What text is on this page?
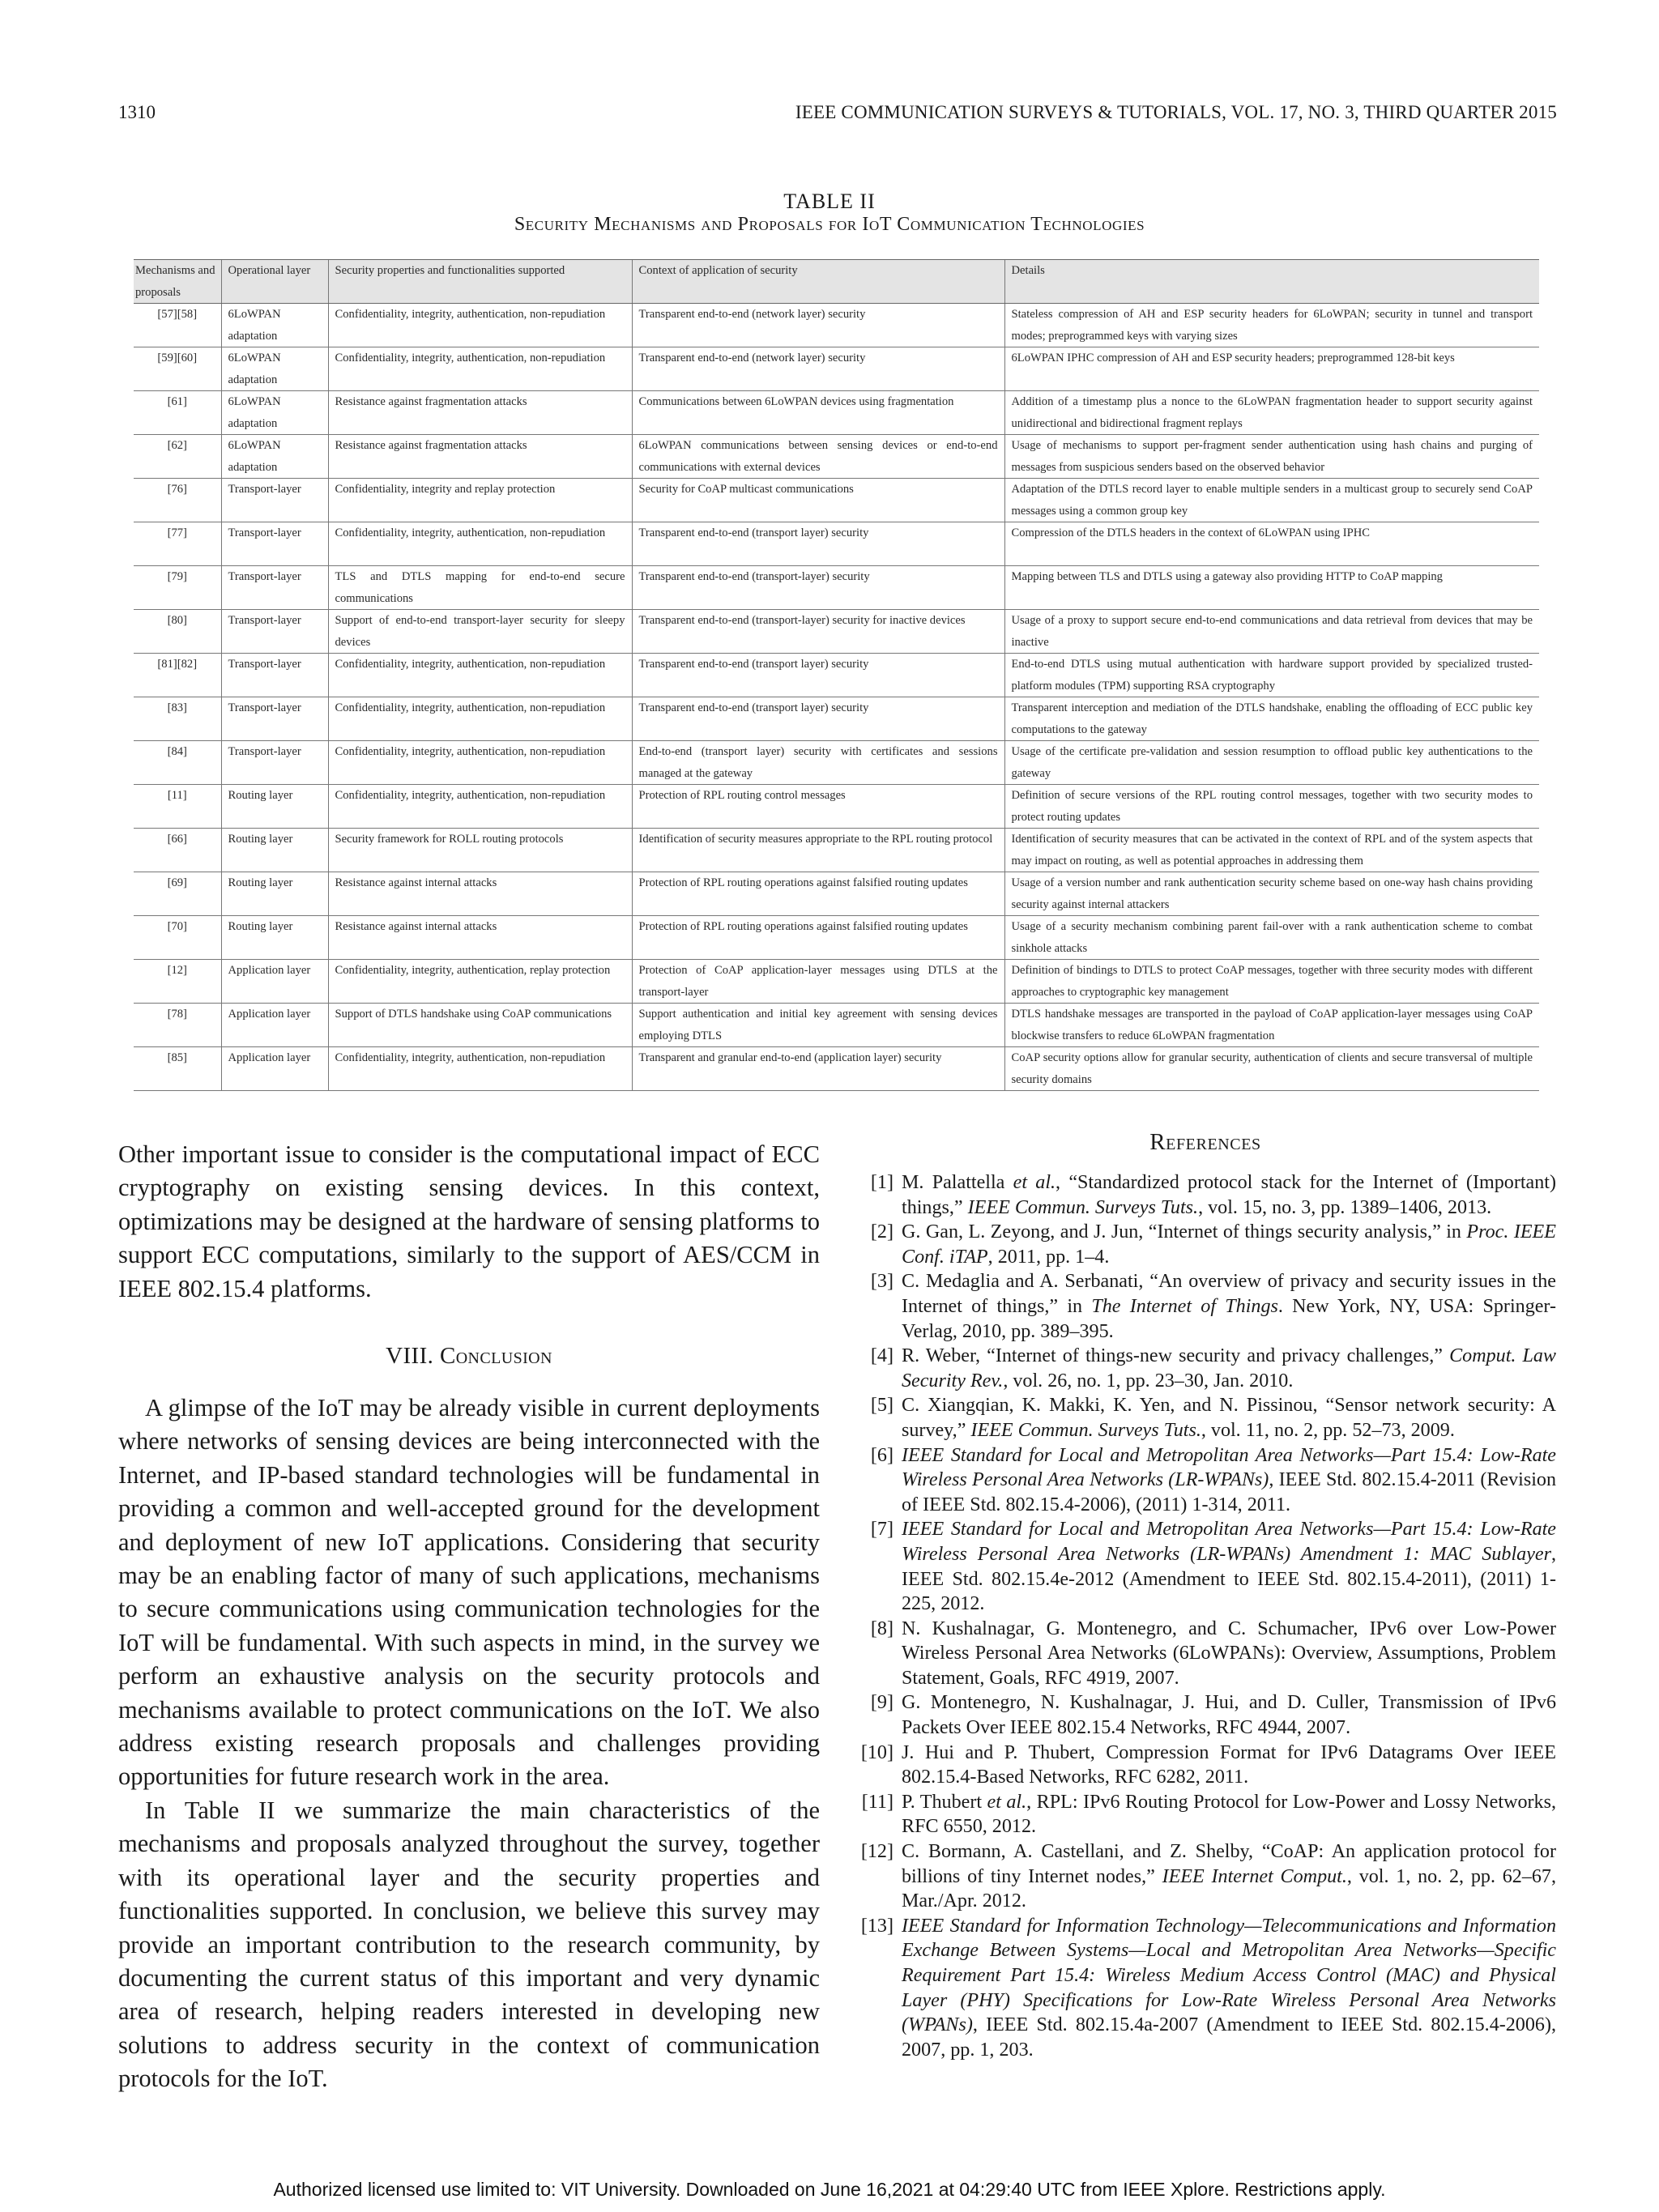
1310	IEEE COMMUNICATION SURVEYS & TUTORIALS, VOL. 17, NO. 3, THIRD QUARTER 2015
TABLE II
Security Mechanisms and Proposals for IoT Communication Technologies
Mechanisms and proposals	Operational layer	Security properties and functionalities supported	Context of application of security	Details
[57][58]	6LoWPAN adaptation	Confidentiality, integrity, authentication, non-repudiation	Transparent end-to-end (network layer) security	Stateless compression of AH and ESP security headers for 6LoWPAN; security in tunnel and transport modes; preprogrammed keys with varying sizes
[59][60]	6LoWPAN adaptation	Confidentiality, integrity, authentication, non-repudiation	Transparent end-to-end (network layer) security	6LoWPAN IPHC compression of AH and ESP security headers; preprogrammed 128-bit keys
[61]	6LoWPAN adaptation	Resistance against fragmentation attacks	Communications between 6LoWPAN devices using fragmentation	Addition of a timestamp plus a nonce to the 6LoWPAN fragmentation header to support security against unidirectional and bidirectional fragment replays
[62]	6LoWPAN adaptation	Resistance against fragmentation attacks	6LoWPAN communications between sensing devices or end-to-end communications with external devices	Usage of mechanisms to support per-fragment sender authentication using hash chains and purging of messages from suspicious senders based on the observed behavior
[76]	Transport-layer	Confidentiality, integrity and replay protection	Security for CoAP multicast communications	Adaptation of the DTLS record layer to enable multiple senders in a multicast group to securely send CoAP messages using a common group key
[77]	Transport-layer	Confidentiality, integrity, authentication, non-repudiation	Transparent end-to-end (transport layer) security	Compression of the DTLS headers in the context of 6LoWPAN using IPHC
[79]	Transport-layer	TLS and DTLS mapping for end-to-end secure communications	Transparent end-to-end (transport-layer) security	Mapping between TLS and DTLS using a gateway also providing HTTP to CoAP mapping
[80]	Transport-layer	Support of end-to-end transport-layer security for sleepy devices	Transparent end-to-end (transport-layer) security for inactive devices	Usage of a proxy to support secure end-to-end communications and data retrieval from devices that may be inactive
[81][82]	Transport-layer	Confidentiality, integrity, authentication, non-repudiation	Transparent end-to-end (transport layer) security	End-to-end DTLS using mutual authentication with hardware support provided by specialized trusted-platform modules (TPM) supporting RSA cryptography
[83]	Transport-layer	Confidentiality, integrity, authentication, non-repudiation	Transparent end-to-end (transport layer) security	Transparent interception and mediation of the DTLS handshake, enabling the offloading of ECC public key computations to the gateway
[84]	Transport-layer	Confidentiality, integrity, authentication, non-repudiation	End-to-end (transport layer) security with certificates and sessions managed at the gateway	Usage of the certificate pre-validation and session resumption to offload public key authentications to the gateway
[11]	Routing layer	Confidentiality, integrity, authentication, non-repudiation	Protection of RPL routing control messages	Definition of secure versions of the RPL routing control messages, together with two security modes to protect routing updates
[66]	Routing layer	Security framework for ROLL routing protocols	Identification of security measures appropriate to the RPL routing protocol	Identification of security measures that can be activated in the context of RPL and of the system aspects that may impact on routing, as well as potential approaches in addressing them
[69]	Routing layer	Resistance against internal attacks	Protection of RPL routing operations against falsified routing updates	Usage of a version number and rank authentication security scheme based on one-way hash chains providing security against internal attackers
[70]	Routing layer	Resistance against internal attacks	Protection of RPL routing operations against falsified routing updates	Usage of a security mechanism combining parent fail-over with a rank authentication scheme to combat sinkhole attacks
[12]	Application layer	Confidentiality, integrity, authentication, replay protection	Protection of CoAP application-layer messages using DTLS at the transport-layer	Definition of bindings to DTLS to protect CoAP messages, together with three security modes with different approaches to cryptographic key management
[78]	Application layer	Support of DTLS handshake using CoAP communications	Support authentication and initial key agreement with sensing devices employing DTLS	DTLS handshake messages are transported in the payload of CoAP application-layer messages using CoAP blockwise transfers to reduce 6LoWPAN fragmentation
[85]	Application layer	Confidentiality, integrity, authentication, non-repudiation	Transparent and granular end-to-end (application layer) security	CoAP security options allow for granular security, authentication of clients and secure transversal of multiple security domains

Other important issue to consider is the computational impact of ECC cryptography on existing sensing devices. In this context, optimizations may be designed at the hardware of sensing platforms to support ECC computations, similarly to the support of AES/CCM in IEEE 802.15.4 platforms.

VIII. Conclusion

A glimpse of the IoT may be already visible in current deployments where networks of sensing devices are being interconnected with the Internet, and IP-based standard technologies will be fundamental in providing a common and well-accepted ground for the development and deployment of new IoT applications. Considering that security may be an enabling factor of many of such applications, mechanisms to secure communications using communication technologies for the IoT will be fundamental. With such aspects in mind, in the survey we perform an exhaustive analysis on the security protocols and mechanisms available to protect communications on the IoT. We also address existing research proposals and challenges providing opportunities for future research work in the area.

In Table II we summarize the main characteristics of the mechanisms and proposals analyzed throughout the survey, together with its operational layer and the security properties and functionalities supported. In conclusion, we believe this survey may provide an important contribution to the research community, by documenting the current status of this important and very dynamic area of research, helping readers interested in developing new solutions to address security in the context of communication protocols for the IoT.

References
[1] M. Palattella et al., “Standardized protocol stack for the Internet of (Important) things,” IEEE Commun. Surveys Tuts., vol. 15, no. 3, pp. 1389–1406, 2013.
[2] G. Gan, L. Zeyong, and J. Jun, “Internet of things security analysis,” in Proc. IEEE Conf. iTAP, 2011, pp. 1–4.
[3] C. Medaglia and A. Serbanati, “An overview of privacy and security issues in the Internet of things,” in The Internet of Things. New York, NY, USA: Springer-Verlag, 2010, pp. 389–395.
[4] R. Weber, “Internet of things-new security and privacy challenges,” Comput. Law Security Rev., vol. 26, no. 1, pp. 23–30, Jan. 2010.
[5] C. Xiangqian, K. Makki, K. Yen, and N. Pissinou, “Sensor network security: A survey,” IEEE Commun. Surveys Tuts., vol. 11, no. 2, pp. 52–73, 2009.
[6] IEEE Standard for Local and Metropolitan Area Networks—Part 15.4: Low-Rate Wireless Personal Area Networks (LR-WPANs), IEEE Std. 802.15.4-2011 (Revision of IEEE Std. 802.15.4-2006), (2011) 1-314, 2011.
[7] IEEE Standard for Local and Metropolitan Area Networks—Part 15.4: Low-Rate Wireless Personal Area Networks (LR-WPANs) Amendment 1: MAC Sublayer, IEEE Std. 802.15.4e-2012 (Amendment to IEEE Std. 802.15.4-2011), (2011) 1-225, 2012.
[8] N. Kushalnagar, G. Montenegro, and C. Schumacher, IPv6 over Low-Power Wireless Personal Area Networks (6LoWPANs): Overview, Assumptions, Problem Statement, Goals, RFC 4919, 2007.
[9] G. Montenegro, N. Kushalnagar, J. Hui, and D. Culler, Transmission of IPv6 Packets Over IEEE 802.15.4 Networks, RFC 4944, 2007.
[10] J. Hui and P. Thubert, Compression Format for IPv6 Datagrams Over IEEE 802.15.4-Based Networks, RFC 6282, 2011.
[11] P. Thubert et al., RPL: IPv6 Routing Protocol for Low-Power and Lossy Networks, RFC 6550, 2012.
[12] C. Bormann, A. Castellani, and Z. Shelby, “CoAP: An application protocol for billions of tiny Internet nodes,” IEEE Internet Comput., vol. 1, no. 2, pp. 62–67, Mar./Apr. 2012.
[13] IEEE Standard for Information Technology—Telecommunications and Information Exchange Between Systems—Local and Metropolitan Area Networks—Specific Requirement Part 15.4: Wireless Medium Access Control (MAC) and Physical Layer (PHY) Specifications for Low-Rate Wireless Personal Area Networks (WPANs), IEEE Std. 802.15.4a-2007 (Amendment to IEEE Std. 802.15.4-2006), 2007, pp. 1, 203.
Authorized licensed use limited to: VIT University. Downloaded on June 16,2021 at 04:29:40 UTC from IEEE Xplore. Restrictions apply.
